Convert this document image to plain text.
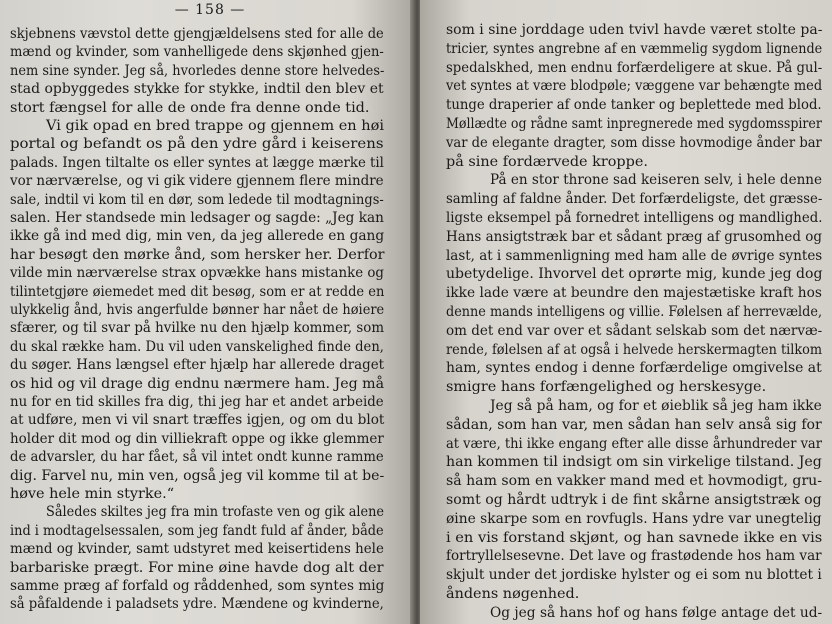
— 158 —
skjebnens vævstol dette gjengjældelsens sted for alle de
mænd og kvinder, som vanhelligede dens skjønhed gjen-
nem sine synder. Jeg så, hvorledes denne store helvedes-
stad opbyggedes stykke for stykke, indtil den blev et
stort fængsel for alle de onde fra denne onde tid.
Vi gik opad en bred trappe og gjennem en høi
portal og befandt os på den ydre gård i keiserens
palads. Ingen tiltalte os eller syntes at lægge mærke til
vor nærværelse, og vi gik videre gjennem flere mindre
sale, indtil vi kom til en dør, som ledede til modtagnings-
salen. Her standsede min ledsager og sagde: „Jeg kan
ikke gå ind med dig, min ven, da jeg allerede en gang
har besøgt den mørke ånd, som hersker her. Derfor
vilde min nærværelse strax opvække hans mistanke og
tilintetgjøre øiemedet med dit besøg, som er at redde en
ulykkelig ånd, hvis angerfulde bønner har nået de høiere
sfærer, og til svar på hvilke nu den hjælp kommer, som
du skal række ham. Du vil uden vanskelighed finde den,
du søger. Hans længsel efter hjælp har allerede draget
os hid og vil drage dig endnu nærmere ham. Jeg må
nu for en tid skilles fra dig, thi jeg har et andet arbeide
at udføre, men vi vil snart træffes igjen, og om du blot
holder dit mod og din villiekraft oppe og ikke glemmer
de advarsler, du har fået, så vil intet ondt kunne ramme
dig. Farvel nu, min ven, også jeg vil komme til at be-
høve hele min styrke.“
Således skiltes jeg fra min trofaste ven og gik alene
ind i modtagelsessalen, som jeg fandt fuld af ånder, både
mænd og kvinder, samt udstyret med keisertidens hele
barbariske prægt. For mine øine havde dog alt der
samme præg af forfald og råddenhed, som syntes mig
så påfaldende i paladsets ydre. Mændene og kvinderne,
som i sine jorddage uden tvivl havde været stolte pa-
tricier, syntes angrebne af en væmmelig sygdom lignende
spedalskhed, men endnu forfærdeligere at skue. På gul-
vet syntes at være blodpøle; væggene var behængte med
tunge draperier af onde tanker og beplettede med blod.
Møllædte og rådne samt inpregnerede med sygdomsspirer
var de elegante dragter, som disse hovmodige ånder bar
på sine fordærvede kroppe.
På en stor throne sad keiseren selv, i hele denne
samling af faldne ånder. Det forfærdeligste, det græsse-
ligste eksempel på fornedret intelligens og mandlighed.
Hans ansigtstræk bar et sådant præg af grusomhed og
last, at i sammenligning med ham alle de øvrige syntes
ubetydelige. Ihvorvel det oprørte mig, kunde jeg dog
ikke lade være at beundre den majestætiske kraft hos
denne mands intelligens og villie. Følelsen af herrevælde,
om det end var over et sådant selskab som det nærvæ-
rende, følelsen af at også i helvede herskermagten tilkom
ham, syntes endog i denne forfærdelige omgivelse at
smigre hans forfængelighed og herskesyge.
Jeg så på ham, og for et øieblik så jeg ham ikke
sådan, som han var, men sådan han selv anså sig for
at være, thi ikke engang efter alle disse århundreder var
han kommen til indsigt om sin virkelige tilstand. Jeg
så ham som en vakker mand med et hovmodigt, gru-
somt og hårdt udtryk i de fint skårne ansigtstræk og
øine skarpe som en rovfugls. Hans ydre var unegtelig
i en vis forstand skjønt, og han savnede ikke en vis
fortryllelsesevne. Det lave og frastødende hos ham var
skjult under det jordiske hylster og ei som nu blottet i
åndens nøgenhed.
Og jeg så hans hof og hans følge antage det ud-
